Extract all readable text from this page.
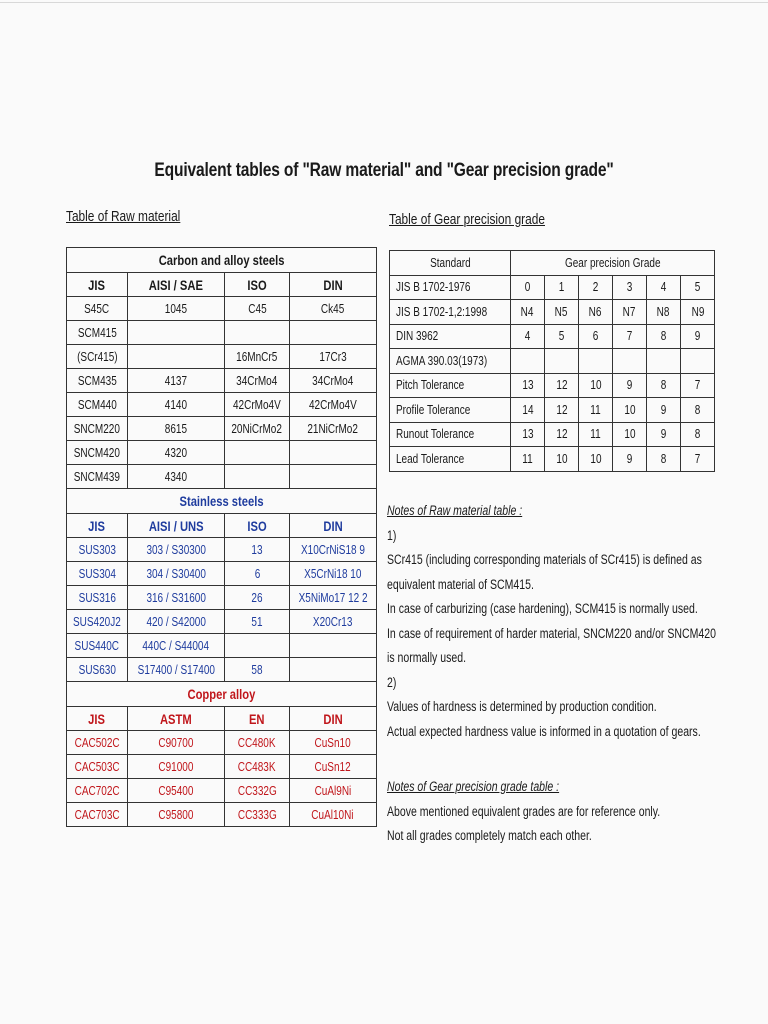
Equivalent tables of "Raw material" and "Gear precision grade"
Table of Raw material	Table of Gear precision grade
Carbon and alloy steels			
JIS	AISI / SAE	ISO	DIN
S45C	1045	C45	Ck45
SCM415			
(SCr415)		16MnCr5	17Cr3
SCM435	4137	34CrMo4	34CrMo4
SCM440	4140	42CrMo4V	42CrMo4V
SNCM220	8615	20NiCrMo2	21NiCrMo2
SNCM420	4320		
SNCM439	4340		
Stainless steels			
JIS	AISI / UNS	ISO	DIN
SUS303	303 / S30300	13	X10CrNiS18 9
SUS304	304 / S30400	6	X5CrNi18 10
SUS316	316 / S31600	26	X5NiMo17 12 2
SUS420J2	420 / S42000	51	X20Cr13
SUS440C	440C / S44004		
SUS630	S17400 / S17400	58	
Copper alloy			
JIS	ASTM	EN	DIN
CAC502C	C90700	CC480K	CuSn10
CAC503C	C91000	CC483K	CuSn12
CAC702C	C95400	CC332G	CuAl9Ni
CAC703C	C95800	CC333G	CuAl10Ni
Standard	Gear precision Grade					
JIS B 1702-1976	0	1	2	3	4	5
JIS B 1702-1,2:1998	N4	N5	N6	N7	N8	N9
DIN 3962	4	5	6	7	8	9
AGMA 390.03(1973)						
Pitch Tolerance	13	12	10	9	8	7
Profile Tolerance	14	12	11	10	9	8
Runout Tolerance	13	12	11	10	9	8
Lead Tolerance	11	10	10	9	8	7
Notes of Raw material table :
1)
SCr415 (including corresponding materials of SCr415) is defined as
equivalent material of SCM415.
In case of carburizing (case hardening), SCM415 is normally used.
In case of requirement of harder material, SNCM220 and/or SNCM420
is normally used.
2)
Values of hardness is determined by production condition.
Actual expected hardness value is informed in a quotation of gears.
Notes of Gear precision grade table :
Above mentioned equivalent grades are for reference only.
Not all grades completely match each other.
